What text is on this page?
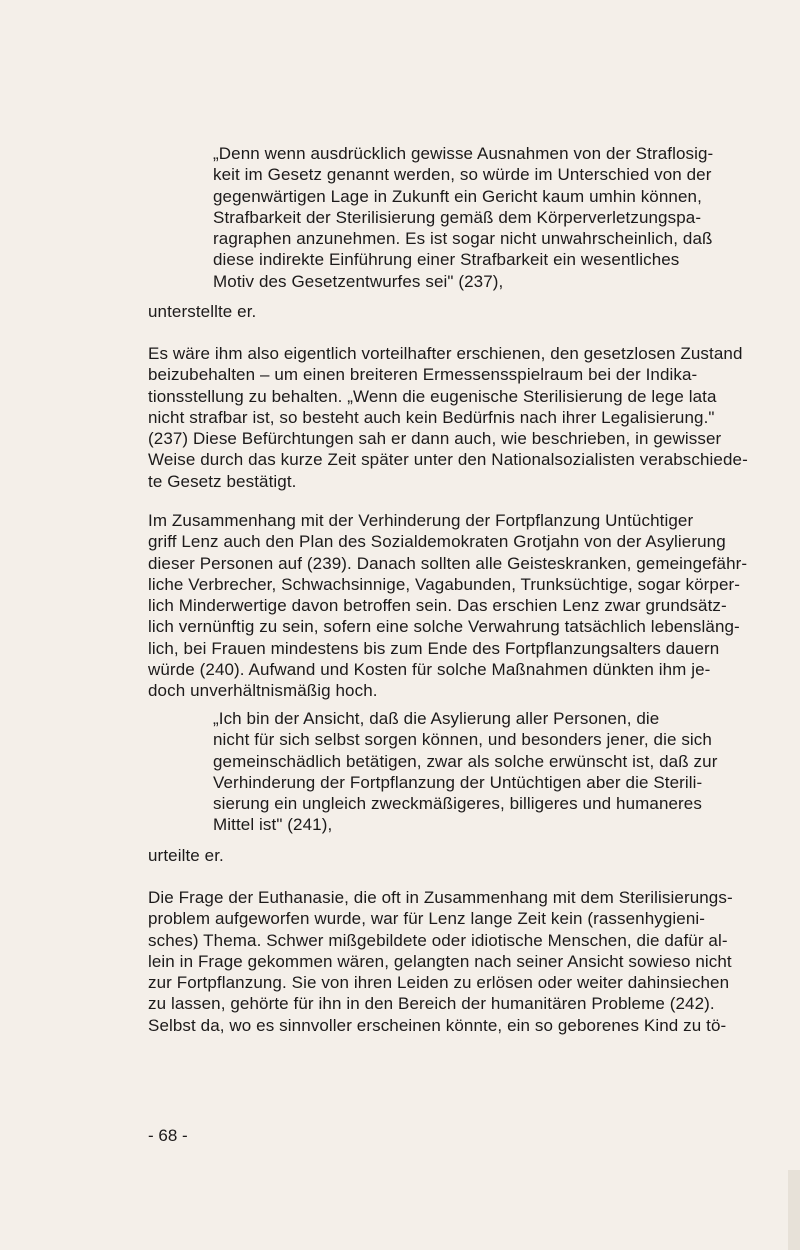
„Denn wenn ausdrücklich gewisse Ausnahmen von der Straflosig-
keit im Gesetz genannt werden, so würde im Unterschied von der
gegenwärtigen Lage in Zukunft ein Gericht kaum umhin können,
Strafbarkeit der Sterilisierung gemäß dem Körperverletzungspa-
ragraphen anzunehmen. Es ist sogar nicht unwahrscheinlich, daß
diese indirekte Einführung einer Strafbarkeit ein wesentliches
Motiv des Gesetzentwurfes sei" (237),

unterstellte er.

Es wäre ihm also eigentlich vorteilhafter erschienen, den gesetzlosen Zustand
beizubehalten – um einen breiteren Ermessensspielraum bei der Indika-
tionsstellung zu behalten. „Wenn die eugenische Sterilisierung de lege lata
nicht strafbar ist, so besteht auch kein Bedürfnis nach ihrer Legalisierung."
(237) Diese Befürchtungen sah er dann auch, wie beschrieben, in gewisser
Weise durch das kurze Zeit später unter den Nationalsozialisten verabschiede-
te Gesetz bestätigt.

Im Zusammenhang mit der Verhinderung der Fortpflanzung Untüchtiger
griff Lenz auch den Plan des Sozialdemokraten Grotjahn von der Asylierung
dieser Personen auf (239). Danach sollten alle Geisteskranken, gemeingefähr-
liche Verbrecher, Schwachsinnige, Vagabunden, Trunksüchtige, sogar körper-
lich Minderwertige davon betroffen sein. Das erschien Lenz zwar grundsätz-
lich vernünftig zu sein, sofern eine solche Verwahrung tatsächlich lebensläng-
lich, bei Frauen mindestens bis zum Ende des Fortpflanzungsalters dauern
würde (240). Aufwand und Kosten für solche Maßnahmen dünkten ihm je-
doch unverhältnismäßig hoch.

„Ich bin der Ansicht, daß die Asylierung aller Personen, die
nicht für sich selbst sorgen können, und besonders jener, die sich
gemeinschädlich betätigen, zwar als solche erwünscht ist, daß zur
Verhinderung der Fortpflanzung der Untüchtigen aber die Sterili-
sierung ein ungleich zweckmäßigeres, billigeres und humaneres
Mittel ist" (241),

urteilte er.

Die Frage der Euthanasie, die oft in Zusammenhang mit dem Sterilisierungs-
problem aufgeworfen wurde, war für Lenz lange Zeit kein (rassenhygieni-
sches) Thema. Schwer mißgebildete oder idiotische Menschen, die dafür al-
lein in Frage gekommen wären, gelangten nach seiner Ansicht sowieso nicht
zur Fortpflanzung. Sie von ihren Leiden zu erlösen oder weiter dahinsiechen
zu lassen, gehörte für ihn in den Bereich der humanitären Probleme (242).
Selbst da, wo es sinnvoller erscheinen könnte, ein so geborenes Kind zu tö-

- 68 -
